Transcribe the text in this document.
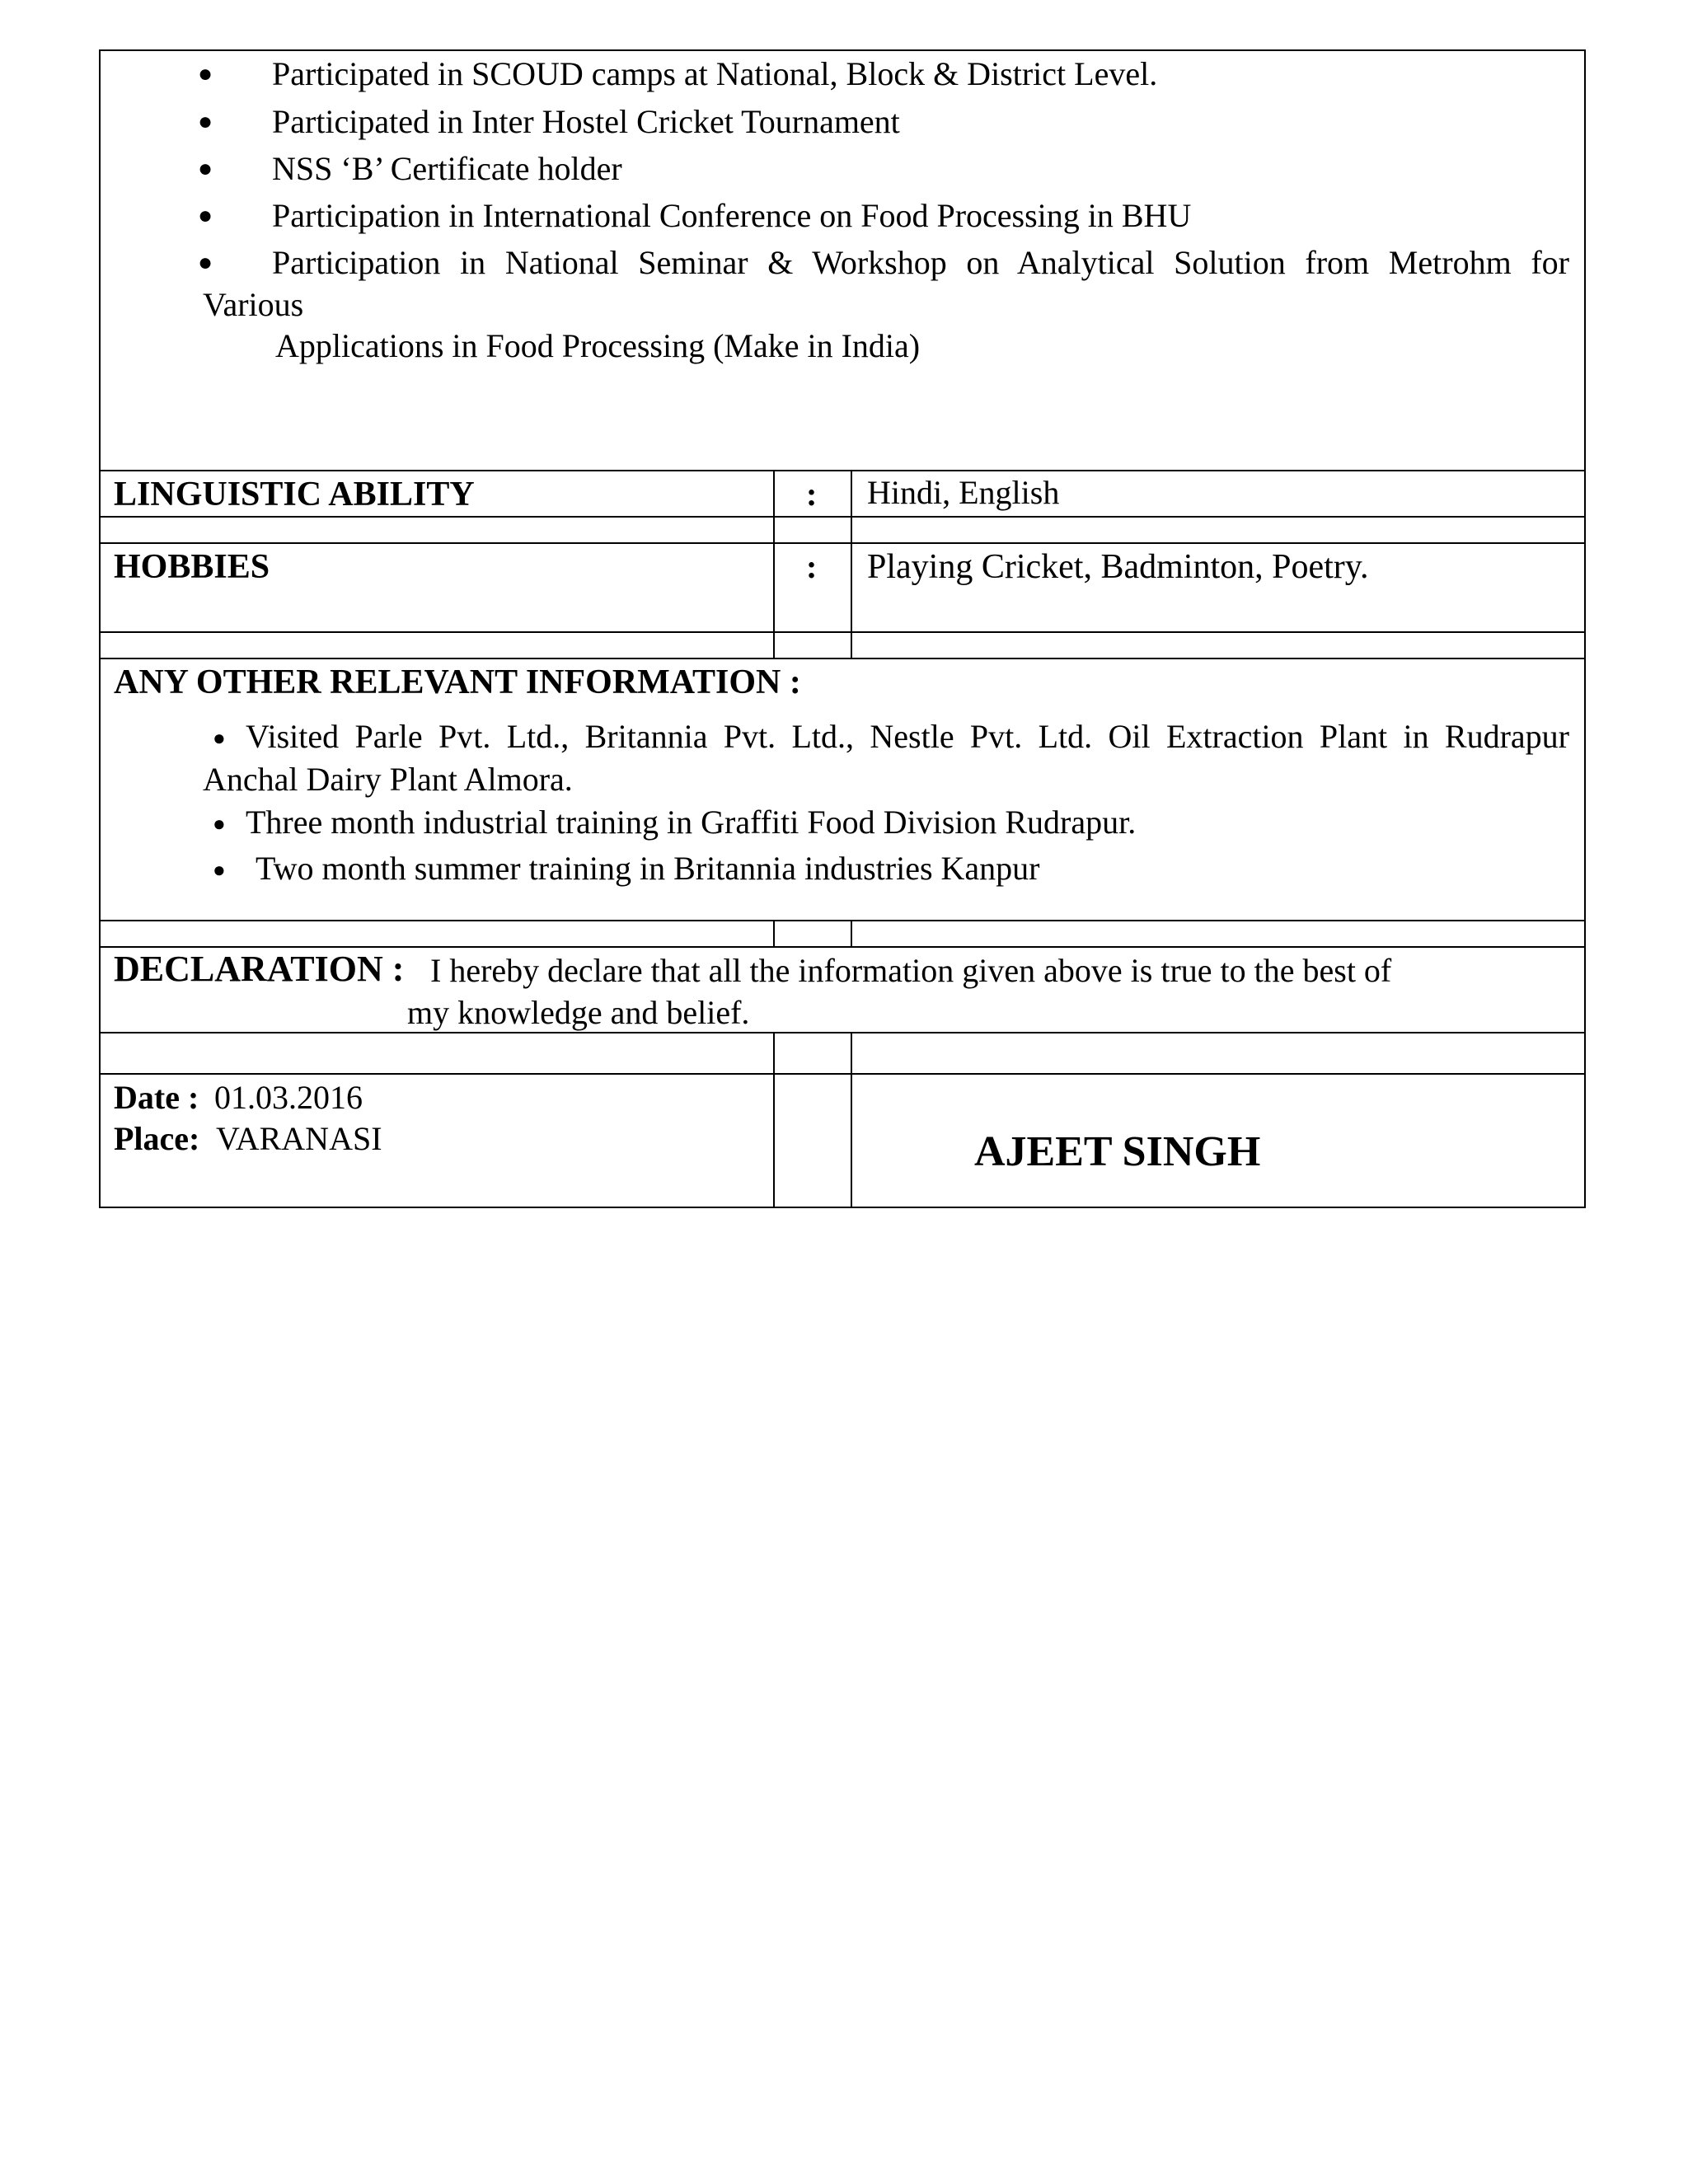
● Participated in SCOUD camps at National, Block & District Level.
● Participated in Inter Hostel Cricket Tournament
● NSS ‘B’ Certificate holder
● Participation in International Conference on Food Processing in BHU
● Participation in National Seminar & Workshop on Analytical Solution from Metrohm for
Various
Applications in Food Processing (Make in India)
LINGUISTIC ABILITY	: Hindi, English
HOBBIES	: Playing Cricket, Badminton, Poetry.
ANY OTHER RELEVANT INFORMATION :
● Visited Parle Pvt. Ltd., Britannia Pvt. Ltd., Nestle Pvt. Ltd. Oil Extraction Plant in Rudrapur
Anchal Dairy Plant Almora.
● Three month industrial training in Graffiti Food Division Rudrapur.
● Two month summer training in Britannia industries Kanpur
DECLARATION : I hereby declare that all the information given above is true to the best of
my knowledge and belief.
Date : 01.03.2016
Place: VARANASI	AJEET SINGH
